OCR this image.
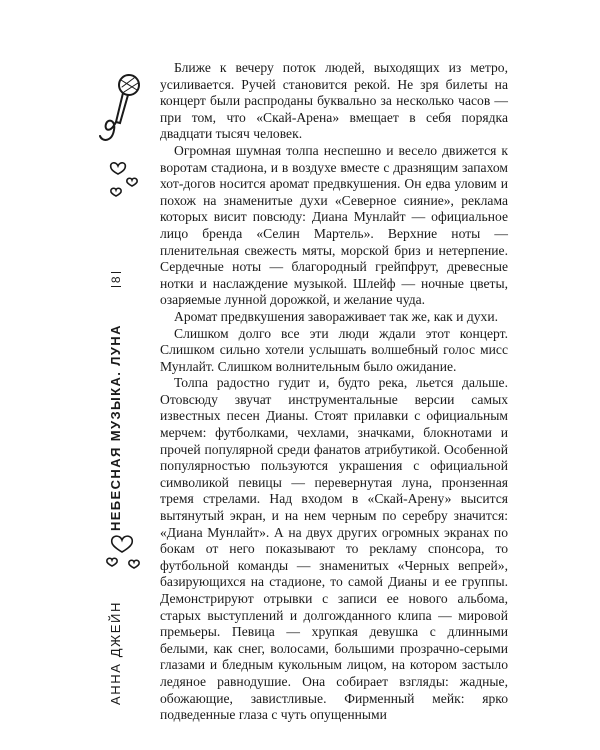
АННА ДЖЕЙН
НЕБЕСНАЯ МУЗЫКА. ЛУНА
8

Ближе к вечеру поток людей, выходящих из метро, усиливается. Ручей становится рекой. Не зря билеты на концерт были распроданы буквально за несколько часов — при том, что «Скай-Арена» вмещает в себя порядка двадцати тысяч человек.

Огромная шумная толпа неспешно и весело движется к воротам стадиона, и в воздухе вместе с дразнящим запахом хот-догов носится аромат предвкушения. Он едва уловим и похож на знаменитые духи «Северное сияние», реклама которых висит повсюду: Диана Мунлайт — официальное лицо бренда «Селин Мартель». Верхние ноты — пленительная свежесть мяты, морской бриз и нетерпение. Сердечные ноты — благородный грейпфрут, древесные нотки и наслаждение музыкой. Шлейф — ночные цветы, озаряемые лунной дорожкой, и желание чуда.

Аромат предвкушения завораживает так же, как и духи.

Слишком долго все эти люди ждали этот концерт. Слишком сильно хотели услышать волшебный голос мисс Мунлайт. Слишком волнительным было ожидание.

Толпа радостно гудит и, будто река, льется дальше. Отовсюду звучат инструментальные версии самых известных песен Дианы. Стоят прилавки с официальным мерчем: футболками, чехлами, значками, блокнотами и прочей популярной среди фанатов атрибутикой. Особенной популярностью пользуются украшения с официальной символикой певицы — перевернутая луна, пронзенная тремя стрелами. Над входом в «Скай-Арену» высится вытянутый экран, и на нем черным по серебру значится: «Диана Мунлайт». А на двух других огромных экранах по бокам от него показывают то рекламу спонсора, то футбольной команды — знаменитых «Черных вепрей», базирующихся на стадионе, то самой Дианы и ее группы. Демонстрируют отрывки с записи ее нового альбома, старых выступлений и долгожданного клипа — мировой премьеры. Певица — хрупкая девушка с длинными белыми, как снег, волосами, большими прозрачно-серыми глазами и бледным кукольным лицом, на котором застыло ледяное равнодушие. Она собирает взгляды: жадные, обожающие, завистливые. Фирменный мейк: ярко подведенные глаза с чуть опущенными
